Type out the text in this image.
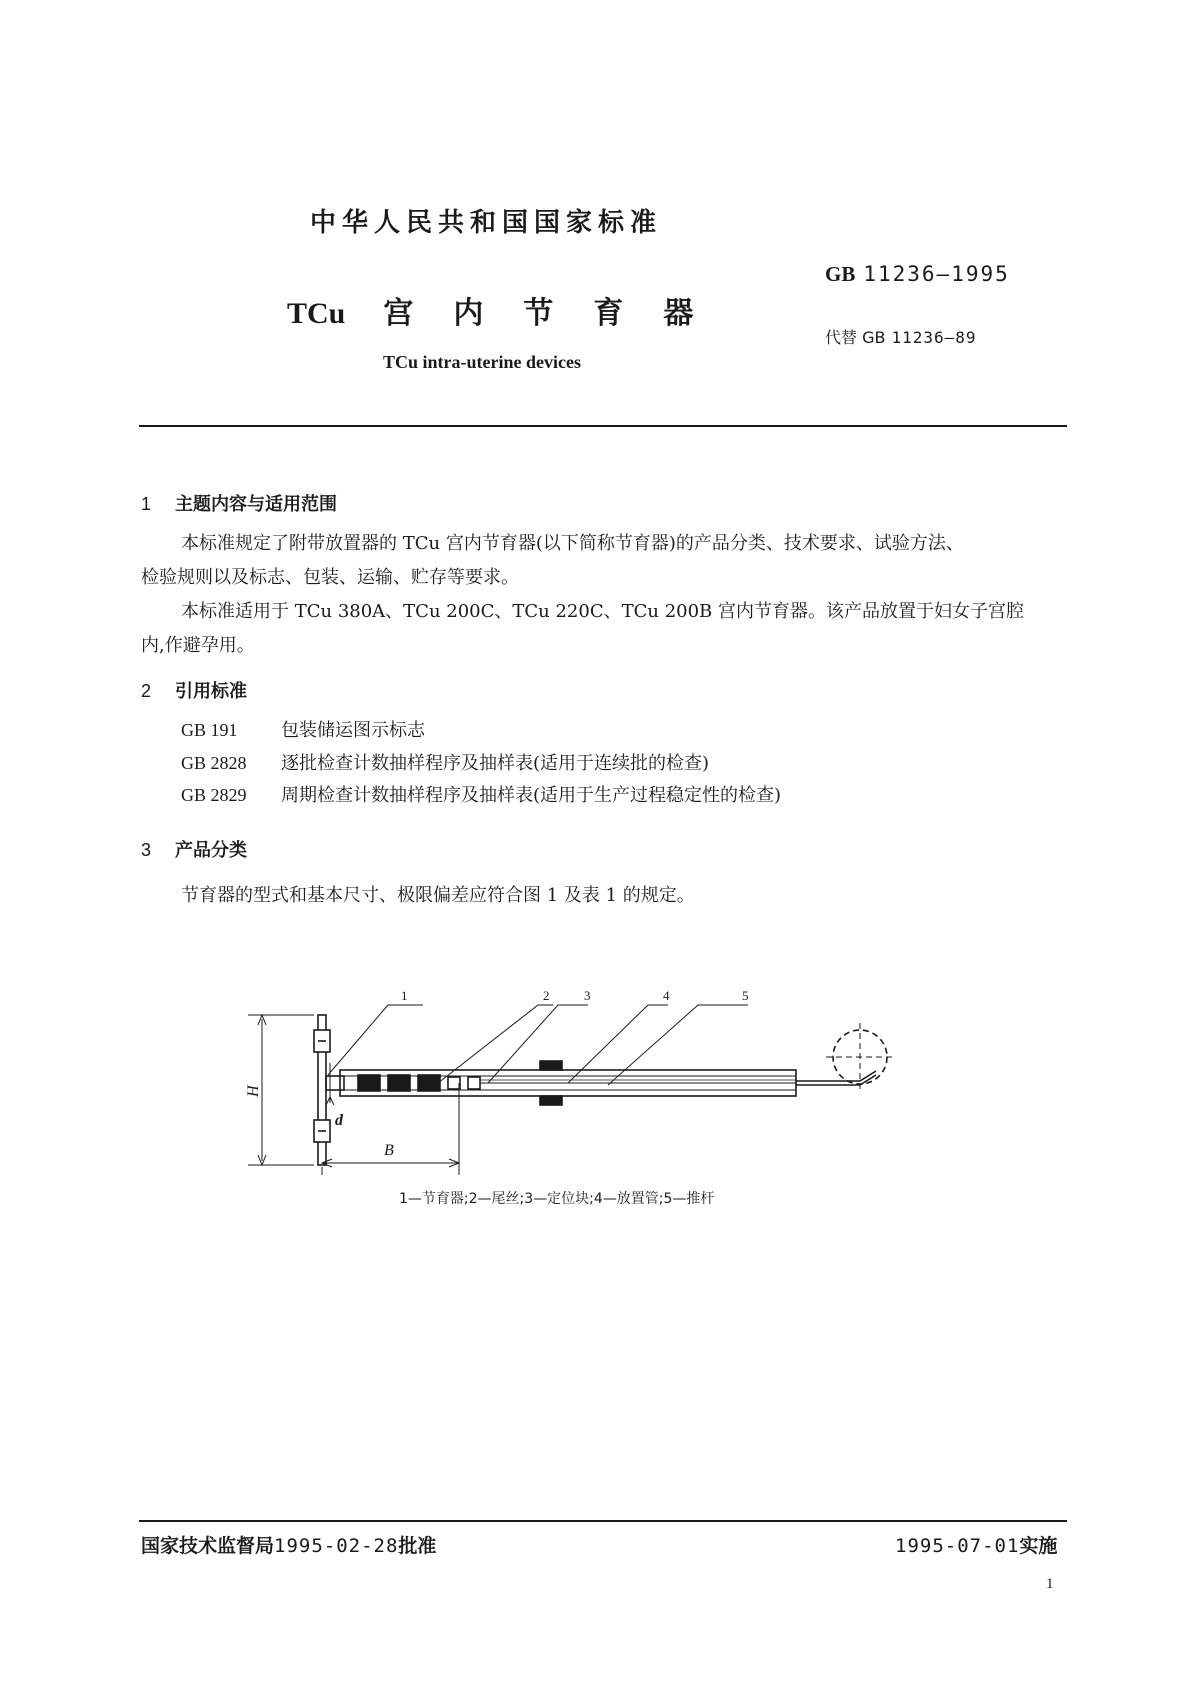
中华人民共和国国家标准
GB 11236—1995
TCu 宫内节育器
代替 GB 11236—89
TCu intra-uterine devices
1 主题内容与适用范围
本标准规定了附带放置器的 TCu 宫内节育器(以下简称节育器)的产品分类、技术要求、试验方法、
检验规则以及标志、包装、运输、贮存等要求。
本标准适用于 TCu 380A、TCu 200C、TCu 220C、TCu 200B 宫内节育器。该产品放置于妇女子宫腔
内,作避孕用。
2 引用标准
GB 191 包装储运图示标志
GB 2828 逐批检查计数抽样程序及抽样表(适用于连续批的检查)
GB 2829 周期检查计数抽样程序及抽样表(适用于生产过程稳定性的检查)
3 产品分类
节育器的型式和基本尺寸、极限偏差应符合图 1 及表 1 的规定。
H
d
B
1	2	3	4	5
1—节育器;2—尾丝;3—定位块;4—放置管;5—推杆
国家技术监督局1995-02-28批准	1995-07-01实施
1
